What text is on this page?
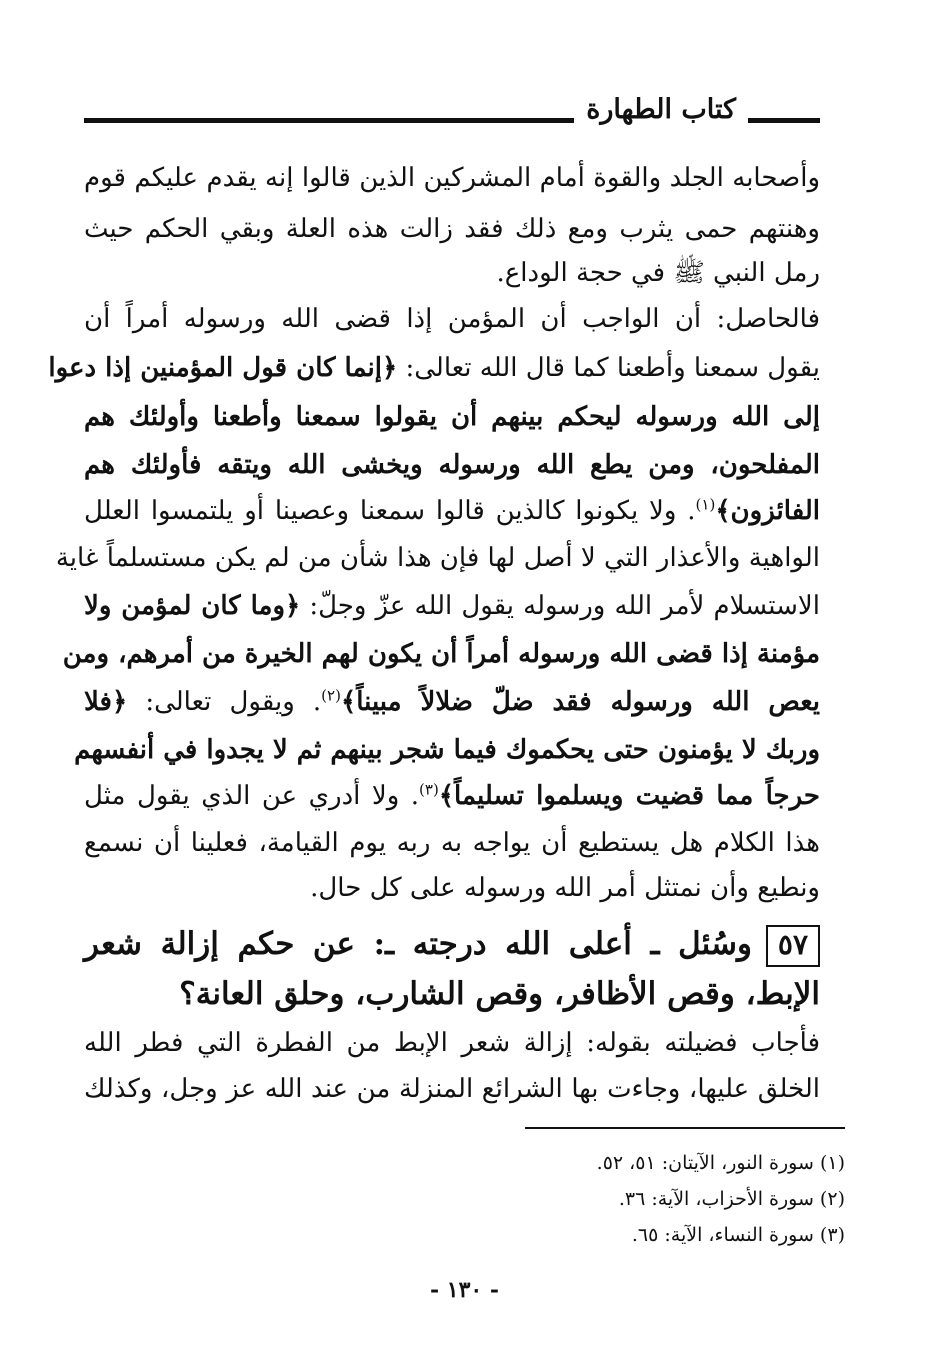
كتاب الطهارة
وأصحابه الجلد والقوة أمام المشركين الذين قالوا إنه يقدم عليكم قوم
وهنتهم حمى يثرب ومع ذلك فقد زالت هذه العلة وبقي الحكم حيث
رمل النبي ﷺ في حجة الوداع.
فالحاصل: أن الواجب أن المؤمن إذا قضى الله ورسوله أمراً أن
يقول سمعنا وأطعنا كما قال الله تعالى: ﴿إنما كان قول المؤمنين إذا دعوا
إلى الله ورسوله ليحكم بينهم أن يقولوا سمعنا وأطعنا وأولئك هم
المفلحون، ومن يطع الله ورسوله ويخشى الله ويتقه فأولئك هم
الفائزون﴾$^{(١)}$. ولا يكونوا كالذين قالوا سمعنا وعصينا أو يلتمسوا العلل
الواهية والأعذار التي لا أصل لها فإن هذا شأن من لم يكن مستسلماً غاية
الاستسلام لأمر الله ورسوله يقول الله عزّ وجلّ: ﴿وما كان لمؤمن ولا
مؤمنة إذا قضى الله ورسوله أمراً أن يكون لهم الخيرة من أمرهم، ومن
يعص الله ورسوله فقد ضلّ ضلالاً مبيناً﴾$^{(٢)}$. ويقول تعالى: ﴿فلا
وربك لا يؤمنون حتى يحكموك فيما شجر بينهم ثم لا يجدوا في أنفسهم
حرجاً مما قضيت ويسلموا تسليماً﴾$^{(٣)}$. ولا أدري عن الذي يقول مثل
هذا الكلام هل يستطيع أن يواجه به ربه يوم القيامة، فعلينا أن نسمع
ونطيع وأن نمتثل أمر الله ورسوله على كل حال.
٥٧وسُئل ـ أعلى الله درجته ـ: عن حكم إزالة شعر
الإبط، وقص الأظافر، وقص الشارب، وحلق العانة؟
فأجاب فضيلته بقوله: إزالة شعر الإبط من الفطرة التي فطر الله
الخلق عليها، وجاءت بها الشرائع المنزلة من عند الله عز وجل، وكذلك
(١) سورة النور، الآيتان: ٥١، ٥٢.
(٢) سورة الأحزاب، الآية: ٣٦.
(٣) سورة النساء، الآية: ٦٥.
- ١٣٠ -
